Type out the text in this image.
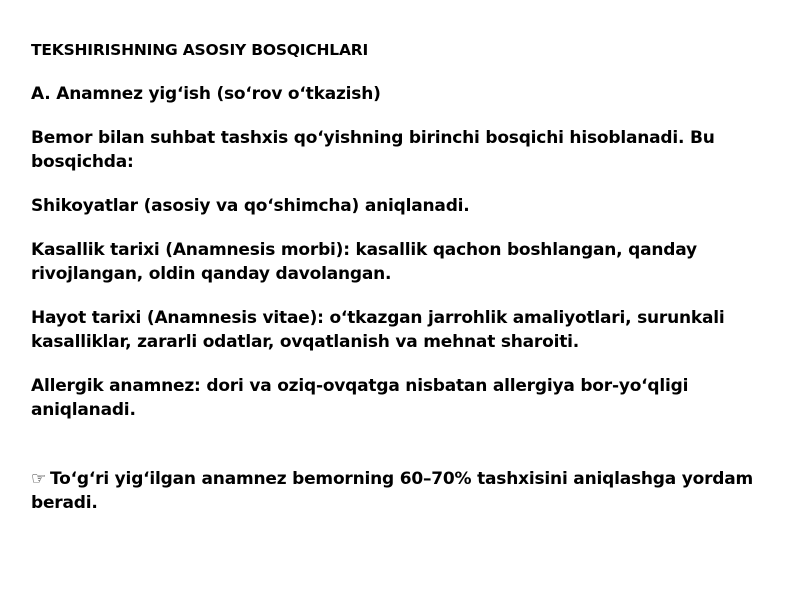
TEKSHIRISHNING ASOSIY BOSQICHLARI
A. Anamnez yig‘ish (so‘rov o‘tkazish)
Bemor bilan suhbat tashxis qo‘yishning birinchi bosqichi hisoblanadi. Bu bosqichda:
Shikoyatlar (asosiy va qo‘shimcha) aniqlanadi.
Kasallik tarixi (Anamnesis morbi): kasallik qachon boshlangan, qanday rivojlangan, oldin qanday davolangan.
Hayot tarixi (Anamnesis vitae): o‘tkazgan jarrohlik amaliyotlari, surunkali kasalliklar, zararli odatlar, ovqatlanish va mehnat sharoiti.
Allergik anamnez: dori va oziq-ovqatga nisbatan allergiya bor-yo‘qligi aniqlanadi.
☞ To‘g‘ri yig‘ilgan anamnez bemorning 60–70% tashxisini aniqlashga yordam beradi.
